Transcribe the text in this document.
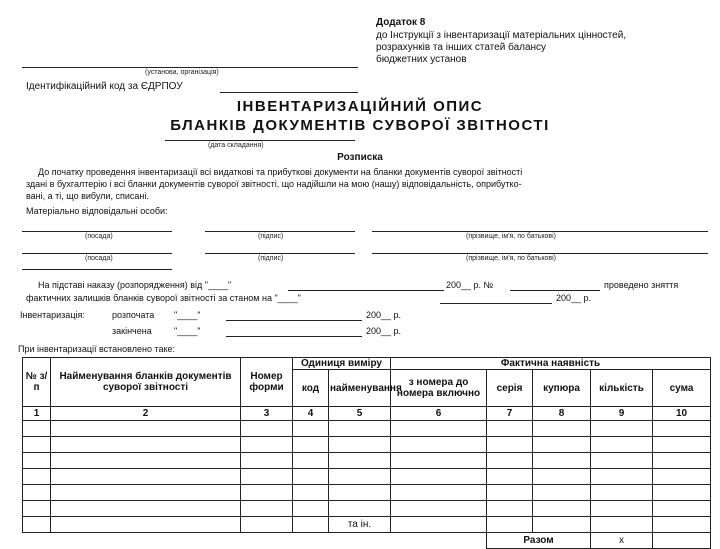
Додаток 8
до Інструкції з інвентаризації матеріальних цінностей,
розрахунків та інших статей балансу
бюджетних установ
(установа, організація)
Ідентифікаційний код за ЄДРПОУ
ІНВЕНТАРИЗАЦІЙНИЙ ОПИС
БЛАНКІВ ДОКУМЕНТІВ СУВОРОЇ ЗВІТНОСТІ
(дата складання)
Розписка
До початку проведення інвентаризації всі видаткові та прибуткові документи на бланки документів суворої звітності
здані в бухгалтерію і всі бланки документів суворої звітності, що надійшли на мою (нашу) відповідальність, оприбутко-
вані, а ті, що вибули, списані.
Матеріально відповідальні особи:
(посада)	(підпис)	(прізвище, ім'я, по батькові)
(посада)	(підпис)	(прізвище, ім'я, по батькові)
На підставі наказу (розпорядження) від "____"	200__ р. №	проведено зняття
фактичних залишків бланків суворої звітності за станом на "____"	200__ р.
Інвентаризація:	розпочата "____"	200__ р.
закінчена "____"	200__ р.
При інвентаризації встановлено таке:
№ з/п	Найменування бланків документів суворої звітності	Номер форми	Одиниця виміру		Фактична наявність				
			код	найменування	з номера до номера включно	серія	купюра	кількість	сума
1	2	3	4	5	6	7	8	9	10

				та ін.					
						Разом		x	
